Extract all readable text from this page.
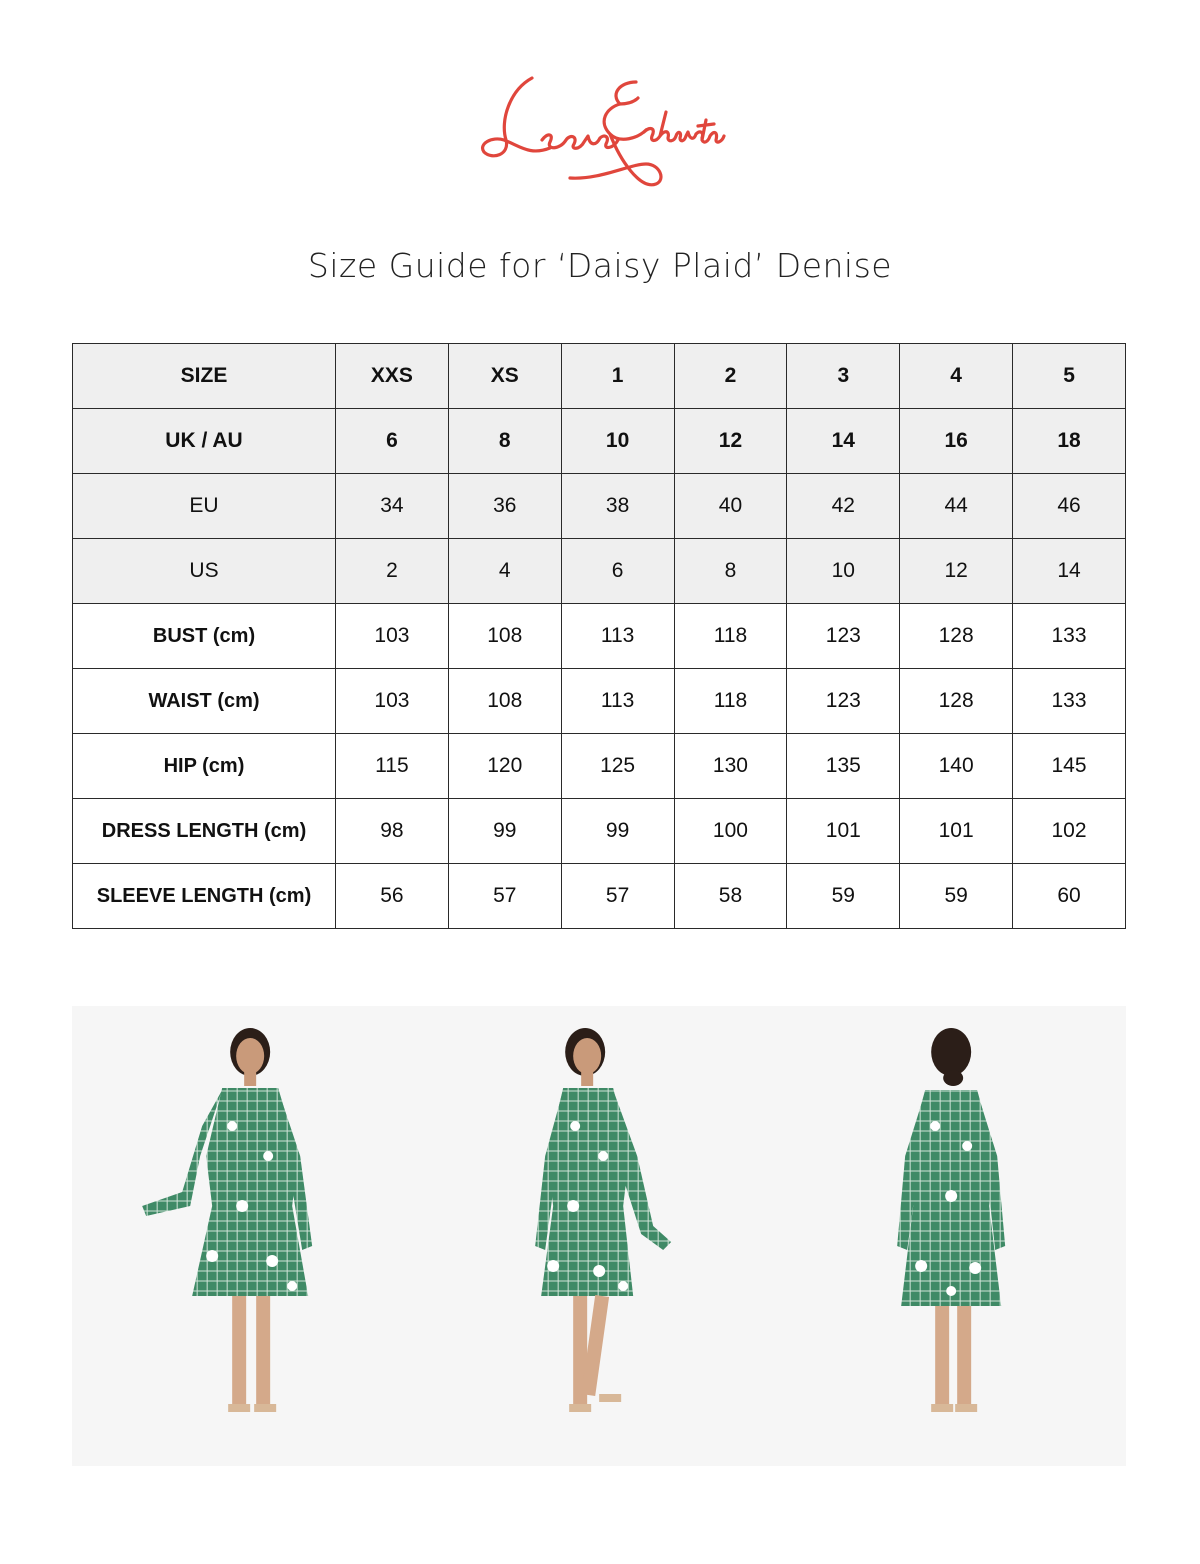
Size Guide for ‘Daisy Plaid’ Denise
SIZE	XXS	XS	1	2	3	4	5
UK / AU	6	8	10	12	14	16	18
EU	34	36	38	40	42	44	46
US	2	4	6	8	10	12	14
BUST (cm)	103	108	113	118	123	128	133
WAIST (cm)	103	108	113	118	123	128	133
HIP (cm)	115	120	125	130	135	140	145
DRESS LENGTH (cm)	98	99	99	100	101	101	102
SLEEVE LENGTH (cm)	56	57	57	58	59	59	60
